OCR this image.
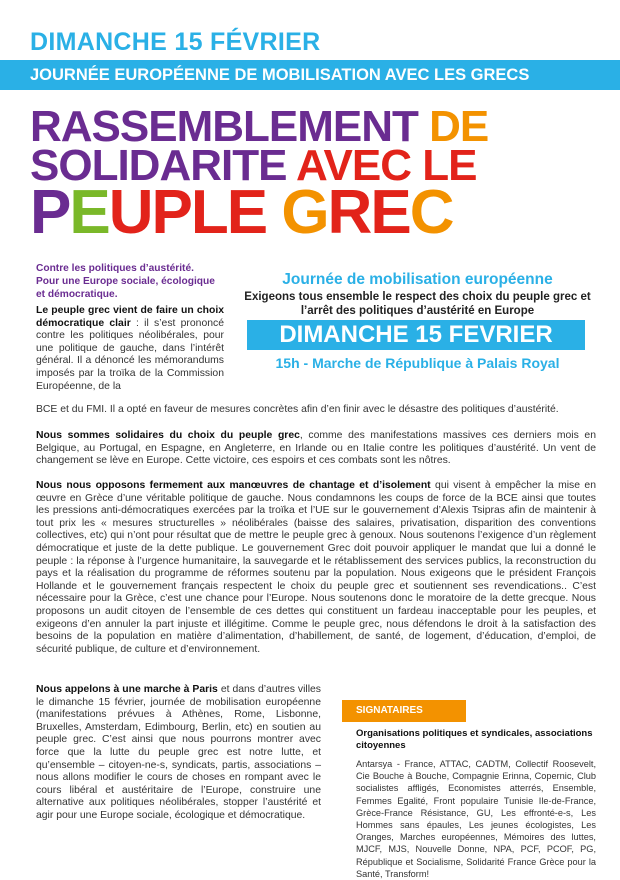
DIMANCHE 15 FÉVRIER
JOURNÉE EUROPÉENNE DE MOBILISATION AVEC LES GRECS
RASSEMBLEMENT DE
SOLIDARITE AVEC LE
PEUPLE GREC
Contre les politiques d’austérité. Pour une Europe sociale, écologique et démocratique.
Journée de mobilisation européenne
Exigeons tous ensemble le respect des choix du peuple grec et l’arrêt des politiques d’austérité en Europe
DIMANCHE 15 FEVRIER
15h - Marche de République à Palais Royal
Le peuple grec vient de faire un choix démocratique clair : il s’est prononcé contre les politiques néolibérales, pour une politique de gauche, dans l’intérêt général. Il a dénoncé les mémorandums imposés par la troïka de la Commission Européenne, de la
BCE et du FMI. Il a opté en faveur de mesures concrètes afin d’en finir avec le désastre des politiques d’austérité.
Nous sommes solidaires du choix du peuple grec, comme des manifestations massives ces derniers mois en Belgique, au Portugal, en Espagne, en Angleterre, en Irlande ou en Italie contre les politiques d’austérité. Un vent de changement se lève en Europe. Cette victoire, ces espoirs et ces combats sont les nôtres.
Nous nous opposons fermement aux manœuvres de chantage et d’isolement qui visent à empêcher la mise en œuvre en Grèce d’une véritable politique de gauche. Nous condamnons les coups de force de la BCE ainsi que toutes les pressions anti-démocratiques exercées par la troïka et l’UE sur le gouvernement d’Alexis Tsipras afin de maintenir à tout prix les « mesures structurelles » néolibérales (baisse des salaires, privatisation, disparition des conventions collectives, etc) qui n’ont pour résultat que de mettre le peuple grec à genoux. Nous soutenons l’exigence d’un règlement démocratique et juste de la dette publique. Le gouvernement Grec doit pouvoir appliquer le mandat que lui a donné le peuple : la réponse à l’urgence humanitaire, la sauvegarde et le rétablissement des services publics, la reconstruction du pays et la réalisation du programme de réformes soutenu par la population. Nous exigeons que le président François Hollande et le gouvernement français respectent le choix du peuple grec et soutiennent ses revendications.. C’est nécessaire pour la Grèce, c’est une chance pour l’Europe. Nous soutenons donc le moratoire de la dette grecque. Nous proposons un audit citoyen de l’ensemble de ces dettes qui constituent un fardeau inacceptable pour les peuples, et exigeons d’en annuler la part injuste et illégitime. Comme le peuple grec, nous défendons le droit à la satisfaction des besoins de la population en matière d’alimentation, d’habillement, de santé, de logement, d’éducation, d’emploi, de sécurité publique, de culture et d’environnement.
Nous appelons à une marche à Paris et dans d’autres villes le dimanche 15 février, journée de mobilisation européenne (manifestations prévues à Athènes, Rome, Lisbonne, Bruxelles, Amsterdam, Edimbourg, Berlin, etc) en soutien au peuple grec. C’est ainsi que nous pourrons montrer avec force que la lutte du peuple grec est notre lutte, et qu’ensemble – citoyen-ne-s, syndicats, partis, associations – nous allons modifier le cours de choses en rompant avec le cours libéral et austéritaire de l’Europe, construire une alternative aux politiques néolibérales, stopper l’austérité et agir pour une Europe sociale, écologique et démocratique.
SIGNATAIRES
Organisations politiques et syndicales, associations citoyennes
Antarsya - France, ATTAC, CADTM, Collectif Roosevelt, Cie Bouche à Bouche, Compagnie Erinna, Copernic, Club socialistes affligés, Economistes atterrés, Ensemble, Femmes Egalité, Front populaire Tunisie Ile-de-France, Grèce-France Résistance, GU, Les effronté-e-s, Les Hommes sans épaules, Les jeunes écologistes, Les Oranges, Marches européennes, Mémoires des luttes, MJCF, MJS, Nouvelle Donne, NPA, PCF, PCOF, PG, République et Socialisme, Solidarité France Grèce pour la Santé, Transform!
